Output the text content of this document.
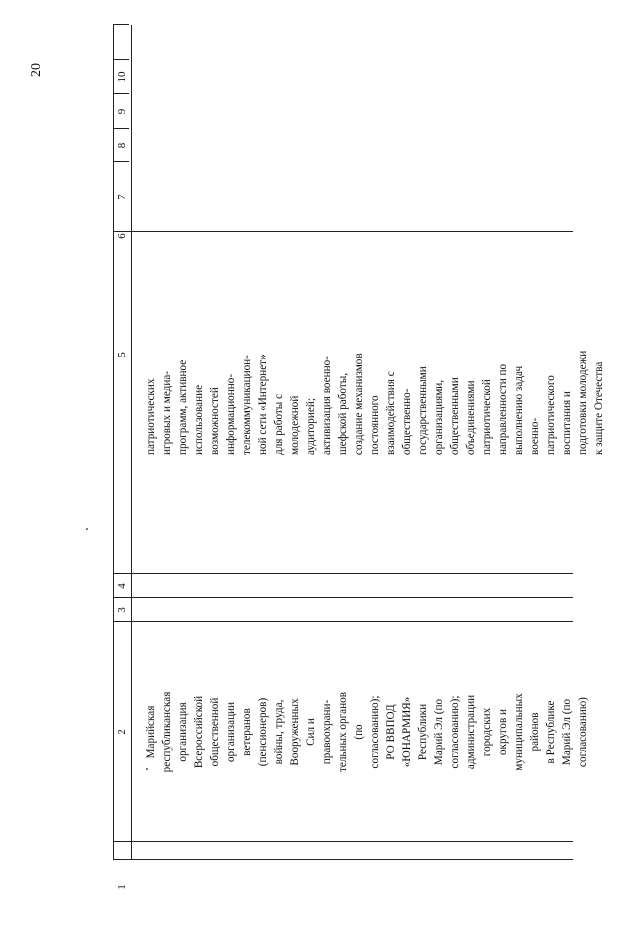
20
1
2
3
4
5
6
7
8
9
10
Марийская республиканская организация Всероссийской общественной организации ветеранов (пенсионеров) войны, труда, Вооруженных Сил и правоохрани- тельных органов (по согласованию); РО ВВПОД «ЮНАРМИЯ» Республики Марий Эл (по согласованию); администрации городских округов и муниципальных районов в Республике Марий Эл (по согласованию)
патриотических игровых и медиа- программ, активное использование возможностей информационно- телекоммуникацион- ной сети «Интернет» для работы с молодежной аудиторией; активизация военно- шефской работы, создание механизмов постоянного взаимодействия с общественно- государственными организациями, общественными объединениями патриотической направленности по выполнению задач военно- патриотического воспитания и подготовки молодежи к защите Отечества
